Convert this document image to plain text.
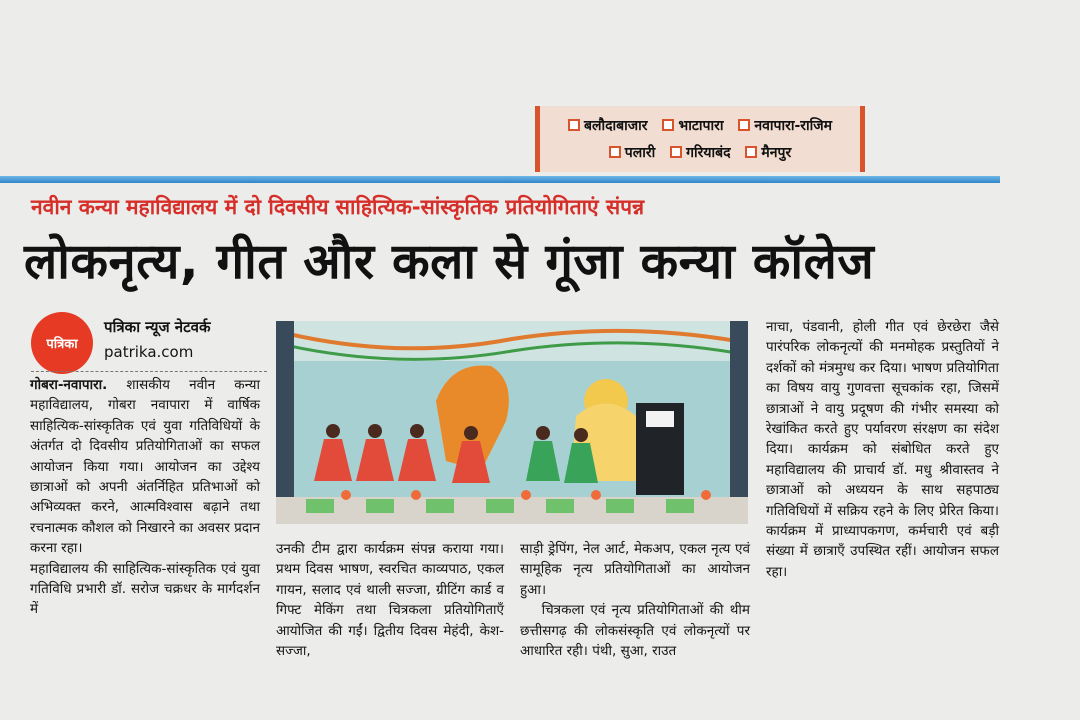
बलौदाबाजार भाटापारा नवापारा-राजिम
पलारी गरियाबंद मैनपुर
नवीन कन्या महाविद्यालय में दो दिवसीय साहित्यिक-सांस्कृतिक प्रतियोगिताएं संपन्न
लोकनृत्य, गीत और कला से गूंजा कन्या कॉलेज
पत्रिका
पत्रिका न्यूज नेटवर्क
patrika.com

गोबरा-नवापारा. शासकीय नवीन कन्या महाविद्यालय, गोबरा नवापारा में वार्षिक साहित्यिक-सांस्कृतिक एवं युवा गतिविधियों के अंतर्गत दो दिवसीय प्रतियोगिताओं का सफल आयोजन किया गया। आयोजन का उद्देश्य छात्राओं को अपनी अंतर्निहित प्रतिभाओं को अभिव्यक्त करने, आत्मविश्वास बढ़ाने तथा रचनात्मक कौशल को निखारने का अवसर प्रदान करना रहा।

महाविद्यालय की साहित्यिक-सांस्कृतिक एवं युवा गतिविधि प्रभारी डॉ. सरोज चक्रधर के मार्गदर्शन में

उनकी टीम द्वारा कार्यक्रम संपन्न कराया गया। प्रथम दिवस भाषण, स्वरचित काव्यपाठ, एकल गायन, सलाद एवं थाली सज्जा, ग्रीटिंग कार्ड व गिफ्ट मेकिंग तथा चित्रकला प्रतियोगिताएँ आयोजित की गईं। द्वितीय दिवस मेहंदी, केश-सज्जा,

साड़ी ड्रेपिंग, नेल आर्ट, मेकअप, एकल नृत्य एवं सामूहिक नृत्य प्रतियोगिताओं का आयोजन हुआ।

चित्रकला एवं नृत्य प्रतियोगिताओं की थीम छत्तीसगढ़ की लोकसंस्कृति एवं लोकनृत्यों पर आधारित रही। पंथी, सुआ, राउत

नाचा, पंडवानी, होली गीत एवं छेरछेरा जैसे पारंपरिक लोकनृत्यों की मनमोहक प्रस्तुतियों ने दर्शकों को मंत्रमुग्ध कर दिया। भाषण प्रतियोगिता का विषय वायु गुणवत्ता सूचकांक रहा, जिसमें छात्राओं ने वायु प्रदूषण की गंभीर समस्या को रेखांकित करते हुए पर्यावरण संरक्षण का संदेश दिया। कार्यक्रम को संबोधित करते हुए महाविद्यालय की प्राचार्य डॉ. मधु श्रीवास्तव ने छात्राओं को अध्ययन के साथ सहपाठ्य गतिविधियों में सक्रिय रहने के लिए प्रेरित किया। कार्यक्रम में प्राध्यापकगण, कर्मचारी एवं बड़ी संख्या में छात्राएँ उपस्थित रहीं। आयोजन सफल रहा।
